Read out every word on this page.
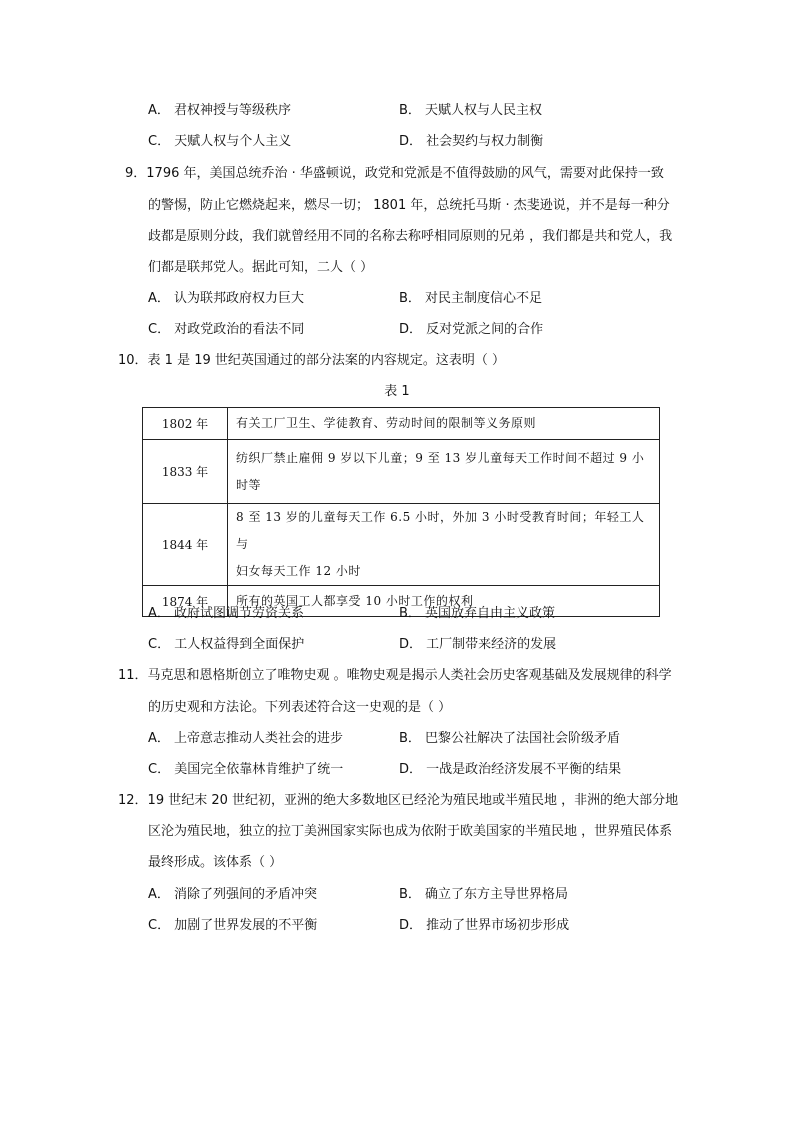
A． 君权神授与等级秩序	B． 天赋人权与人民主权
C． 天赋人权与个人主义	D． 社会契约与权力制衡
9．1796 年，美国总统乔治 · 华盛顿说，政党和党派是不值得鼓励的风气，需要对此保持一致
的警惕，防止它燃烧起来，燃尽一切； 1801 年，总统托马斯 · 杰斐逊说，并不是每一种分
歧都是原则分歧，我们就曾经用不同的名称去称呼相同原则的兄弟 ，我们都是共和党人，我
们都是联邦党人。据此可知，二人（ ）
A． 认为联邦政府权力巨大	B． 对民主制度信心不足
C． 对政党政治的看法不同	D． 反对党派之间的合作
10．表 1 是 19 世纪英国通过的部分法案的内容规定。这表明（ ）
表 1
1802 年	有关工厂卫生、学徒教育、劳动时间的限制等义务原则

1833 年	纺织厂禁止雇佣 9 岁以下儿童；9 至 13 岁儿童每天工作时间不超过 9 小
时等

1844 年	8 至 13 岁的儿童每天工作 6.5 小时，外加 3 小时受教育时间；年轻工人与
妇女每天工作 12 小时

1874 年	所有的英国工人都享受 10 小时工作的权利
A． 政府试图调节劳资关系	B． 英国放弃自由主义政策
C． 工人权益得到全面保护	D． 工厂制带来经济的发展
11．马克思和恩格斯创立了唯物史观 。唯物史观是揭示人类社会历史客观基础及发展规律的科学
的历史观和方法论。下列表述符合这一史观的是（ ）
A． 上帝意志推动人类社会的进步	B． 巴黎公社解决了法国社会阶级矛盾
C． 美国完全依靠林肯维护了统一	D． 一战是政治经济发展不平衡的结果
12．19 世纪末 20 世纪初，亚洲的绝大多数地区已经沦为殖民地或半殖民地 ，非洲的绝大部分地
区沦为殖民地，独立的拉丁美洲国家实际也成为依附于欧美国家的半殖民地 ，世界殖民体系
最终形成。该体系（ ）
A． 消除了列强间的矛盾冲突	B． 确立了东方主导世界格局
C． 加剧了世界发展的不平衡	D． 推动了世界市场初步形成
